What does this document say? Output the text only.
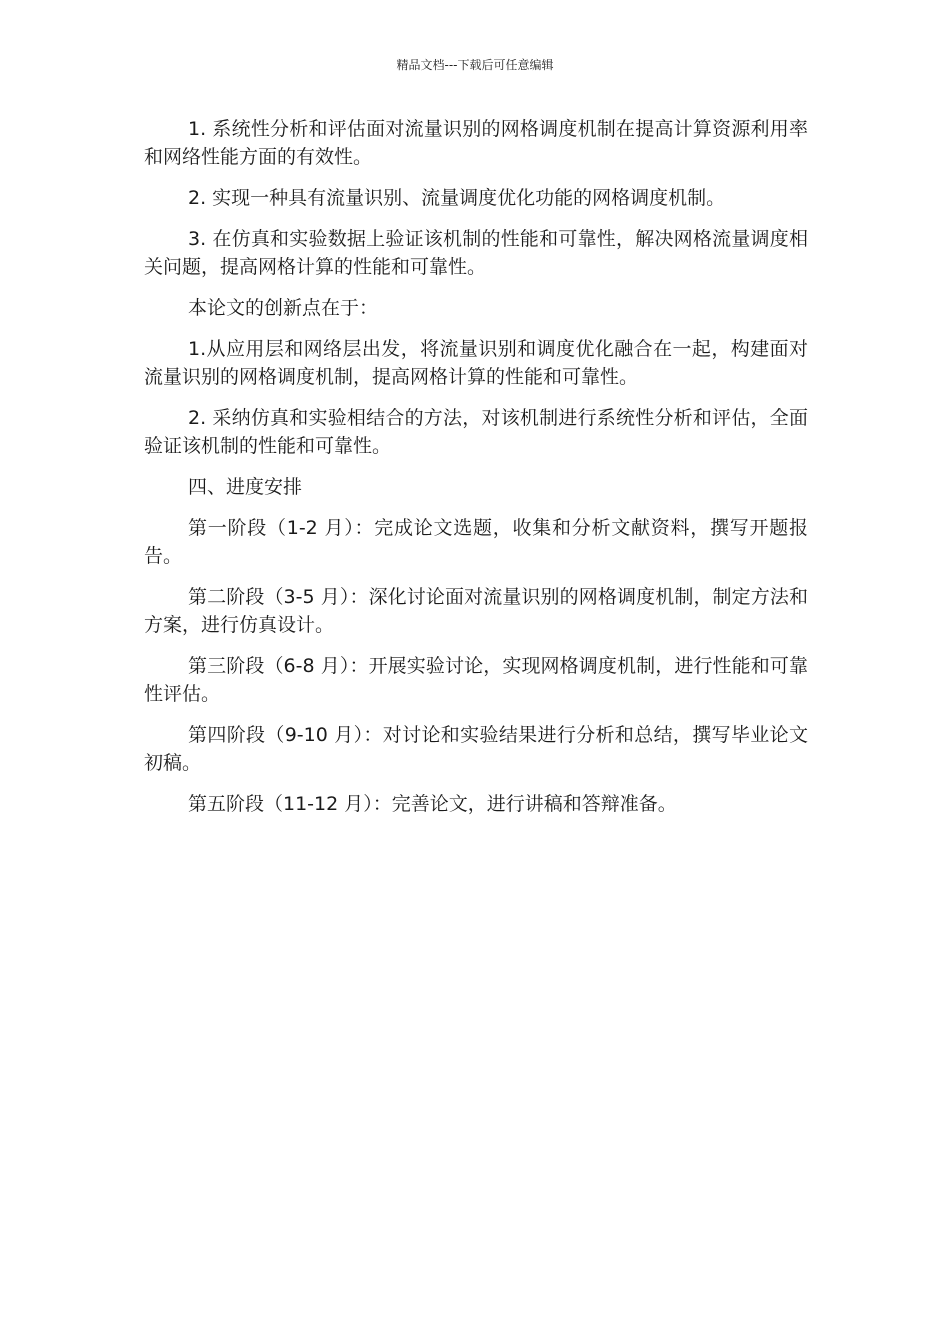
精品文档---下载后可任意编辑

1. 系统性分析和评估面对流量识别的网格调度机制在提高计算资源利用率和网络性能方面的有效性。

2. 实现一种具有流量识别、流量调度优化功能的网格调度机制。

3. 在仿真和实验数据上验证该机制的性能和可靠性，解决网格流量调度相关问题，提高网格计算的性能和可靠性。

本论文的创新点在于：

1.从应用层和网络层出发，将流量识别和调度优化融合在一起，构建面对流量识别的网格调度机制，提高网格计算的性能和可靠性。

2. 采纳仿真和实验相结合的方法，对该机制进行系统性分析和评估，全面验证该机制的性能和可靠性。

四、进度安排

第一阶段（1-2 月）：完成论文选题，收集和分析文献资料，撰写开题报告。

第二阶段（3-5 月）：深化讨论面对流量识别的网格调度机制，制定方法和方案，进行仿真设计。

第三阶段（6-8 月）：开展实验讨论，实现网格调度机制，进行性能和可靠性评估。

第四阶段（9-10 月）：对讨论和实验结果进行分析和总结，撰写毕业论文初稿。

第五阶段（11-12 月）：完善论文，进行讲稿和答辩准备。
